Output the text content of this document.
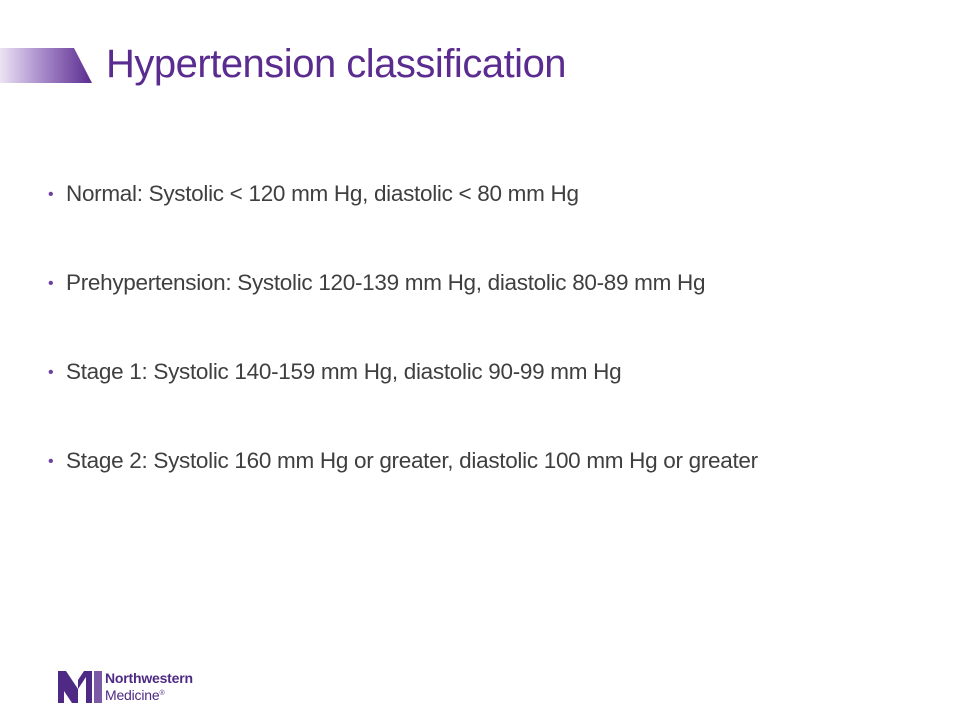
Hypertension classification
• Normal: Systolic < 120 mm Hg, diastolic < 80 mm Hg
• Prehypertension: Systolic 120-139 mm Hg, diastolic 80-89 mm Hg
• Stage 1: Systolic 140-159 mm Hg, diastolic 90-99 mm Hg
• Stage 2: Systolic 160 mm Hg or greater, diastolic 100 mm Hg or greater
Northwestern
Medicine®
